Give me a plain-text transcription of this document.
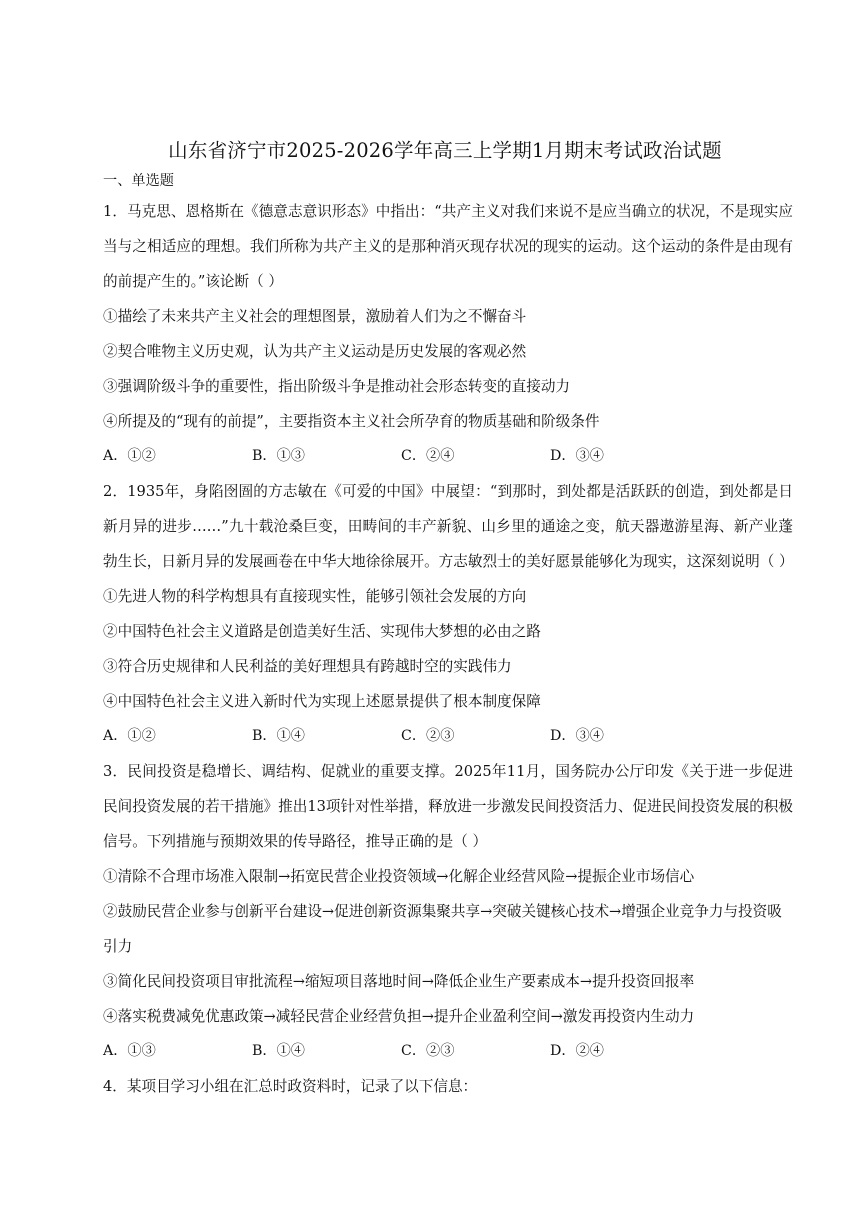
山东省济宁市2025-2026学年高三上学期1月期末考试政治试题
一、单选题

1．马克思、恩格斯在《德意志意识形态》中指出：“共产主义对我们来说不是应当确立的状况，不是现实应当与之相适应的理想。我们所称为共产主义的是那种消灭现存状况的现实的运动。这个运动的条件是由现有的前提产生的。”该论断（ ）

①描绘了未来共产主义社会的理想图景，激励着人们为之不懈奋斗

②契合唯物主义历史观，认为共产主义运动是历史发展的客观必然

③强调阶级斗争的重要性，指出阶级斗争是推动社会形态转变的直接动力

④所提及的“现有的前提”，主要指资本主义社会所孕育的物质基础和阶级条件

A．①②	B．①③	C．②④	D．③④

2．1935年，身陷囹圄的方志敏在《可爱的中国》中展望：“到那时，到处都是活跃跃的创造，到处都是日新月异的进步……”九十载沧桑巨变，田畴间的丰产新貌、山乡里的通途之变，航天器遨游星海、新产业蓬勃生长，日新月异的发展画卷在中华大地徐徐展开。方志敏烈士的美好愿景能够化为现实，这深刻说明（ ）

①先进人物的科学构想具有直接现实性，能够引领社会发展的方向

②中国特色社会主义道路是创造美好生活、实现伟大梦想的必由之路

③符合历史规律和人民利益的美好理想具有跨越时空的实践伟力

④中国特色社会主义进入新时代为实现上述愿景提供了根本制度保障

A．①②	B．①④	C．②③	D．③④

3．民间投资是稳增长、调结构、促就业的重要支撑。2025年11月，国务院办公厅印发《关于进一步促进民间投资发展的若干措施》推出13项针对性举措，释放进一步激发民间投资活力、促进民间投资发展的积极信号。下列措施与预期效果的传导路径，推导正确的是（ ）

①清除不合理市场准入限制→拓宽民营企业投资领域→化解企业经营风险→提振企业市场信心

②鼓励民营企业参与创新平台建设→促进创新资源集聚共享→突破关键核心技术→增强企业竞争力与投资吸引力

③简化民间投资项目审批流程→缩短项目落地时间→降低企业生产要素成本→提升投资回报率

④落实税费减免优惠政策→减轻民营企业经营负担→提升企业盈利空间→激发再投资内生动力

A．①③	B．①④	C．②③	D．②④

4．某项目学习小组在汇总时政资料时，记录了以下信息：
